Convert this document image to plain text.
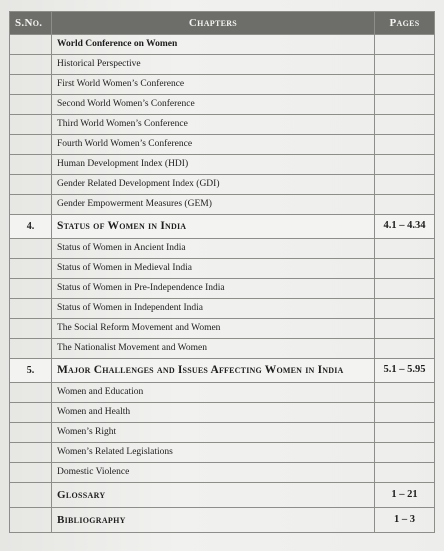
S.No.	Chapters	Pages
	World Conference on Women	
	Historical Perspective	
	First World Women’s Conference	
	Second World Women’s Conference	
	Third World Women’s Conference	
	Fourth World Women’s Conference	
	Human Development Index (HDI)	
	Gender Related Development Index (GDI)	
	Gender Empowerment Measures (GEM)	
4.	Status of Women in India	4.1 – 4.34
	Status of Women in Ancient India	
	Status of Women in Medieval India	
	Status of Women in Pre-Independence India	
	Status of Women in Independent India	
	The Social Reform Movement and Women	
	The Nationalist Movement and Women	
5.	Major Challenges and Issues Affecting Women in India	5.1 – 5.95
	Women and Education	
	Women and Health	
	Women’s Right	
	Women’s Related Legislations	
	Domestic Violence	
	Glossary	1 – 21
	Bibliography	1 – 3
